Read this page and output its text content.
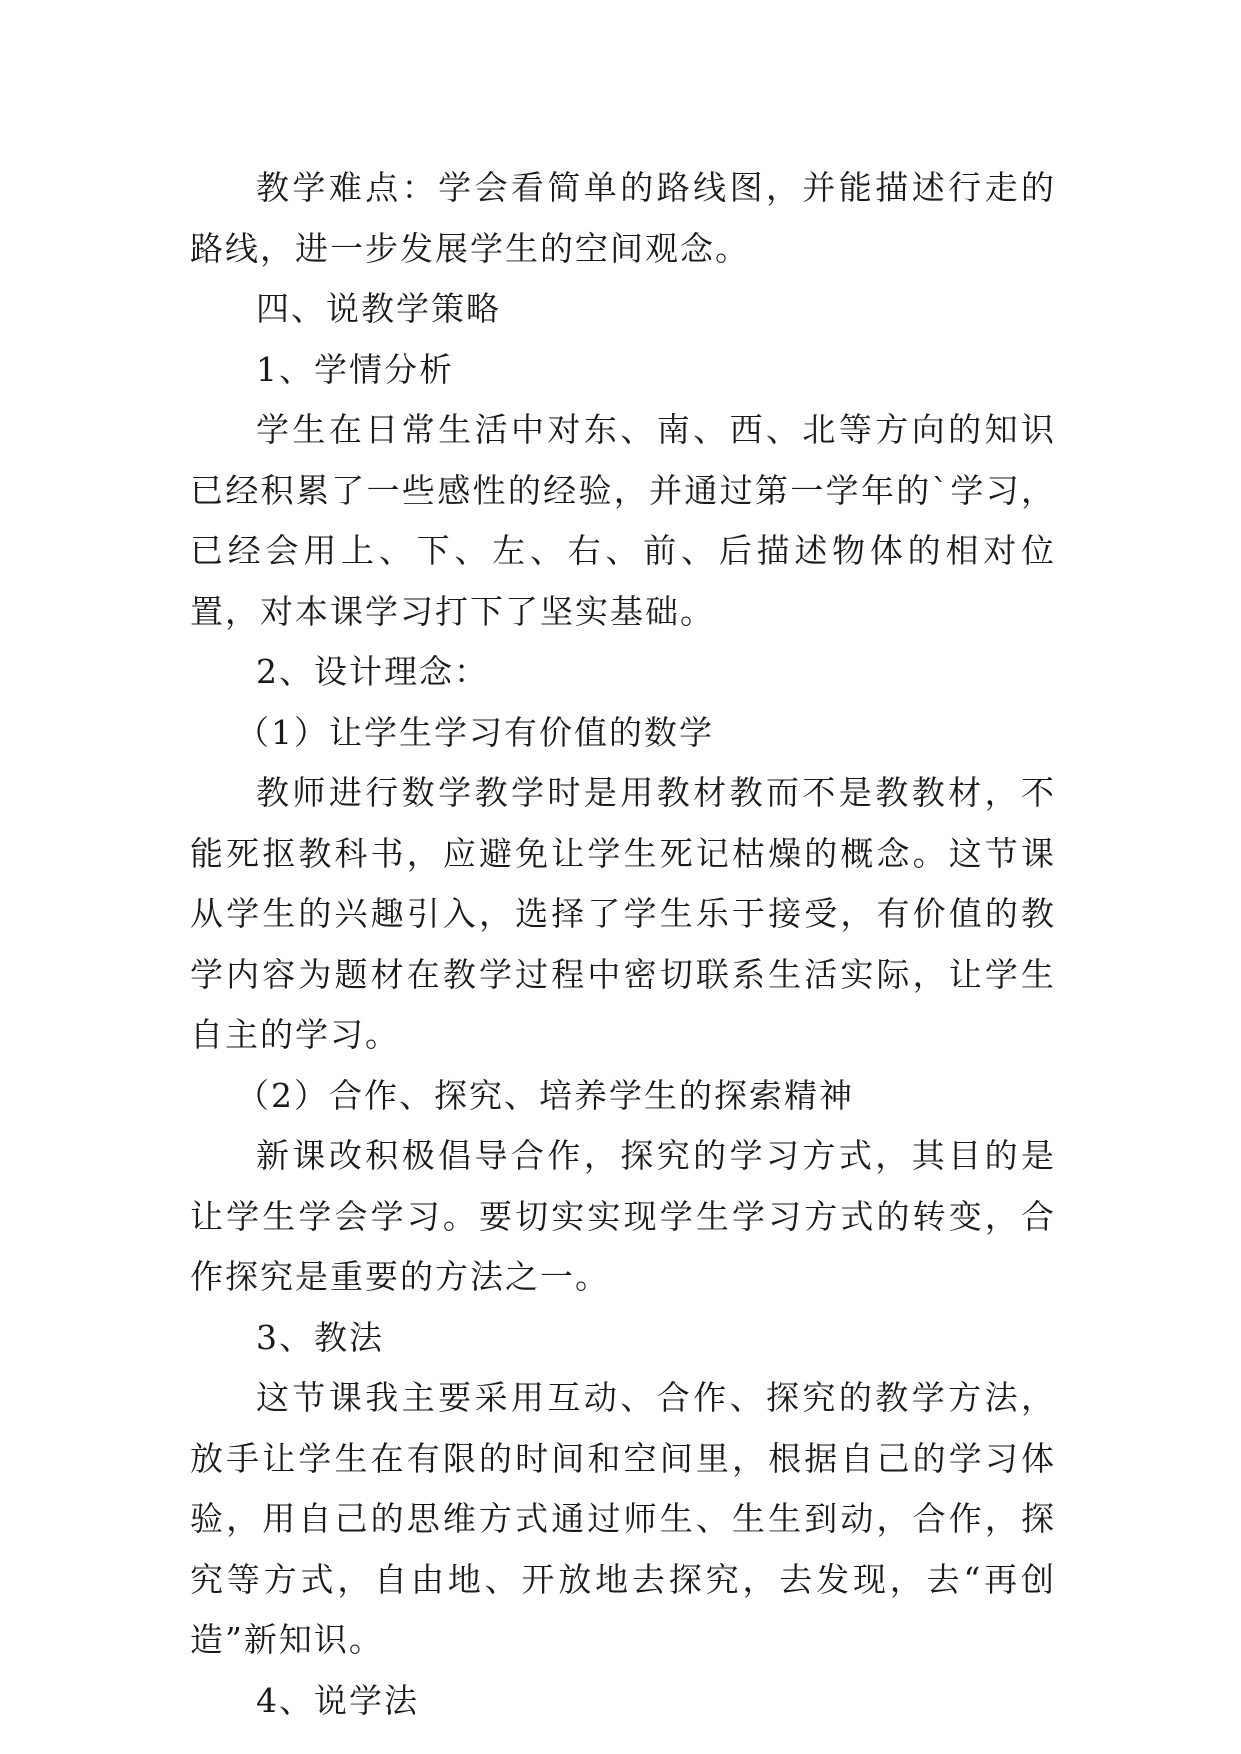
教学难点：学会看简单的路线图，并能描述行走的路线，进一步发展学生的空间观念。

四、说教学策略

1、学情分析

学生在日常生活中对东、南、西、北等方向的知识已经积累了一些感性的经验，并通过第一学年的`学习，已经会用上、下、左、右、前、后描述物体的相对位置，对本课学习打下了坚实基础。

2、设计理念：

（1）让学生学习有价值的数学

教师进行数学教学时是用教材教而不是教教材，不能死抠教科书，应避免让学生死记枯燥的概念。这节课从学生的兴趣引入，选择了学生乐于接受，有价值的教学内容为题材在教学过程中密切联系生活实际，让学生自主的学习。

（2）合作、探究、培养学生的探索精神

新课改积极倡导合作，探究的学习方式，其目的是让学生学会学习。要切实实现学生学习方式的转变，合作探究是重要的方法之一。

3、教法

这节课我主要采用互动、合作、探究的教学方法，放手让学生在有限的时间和空间里，根据自己的学习体验，用自己的思维方式通过师生、生生到动，合作，探究等方式，自由地、开放地去探究，去发现，去“再创造”新知识。

4、说学法
